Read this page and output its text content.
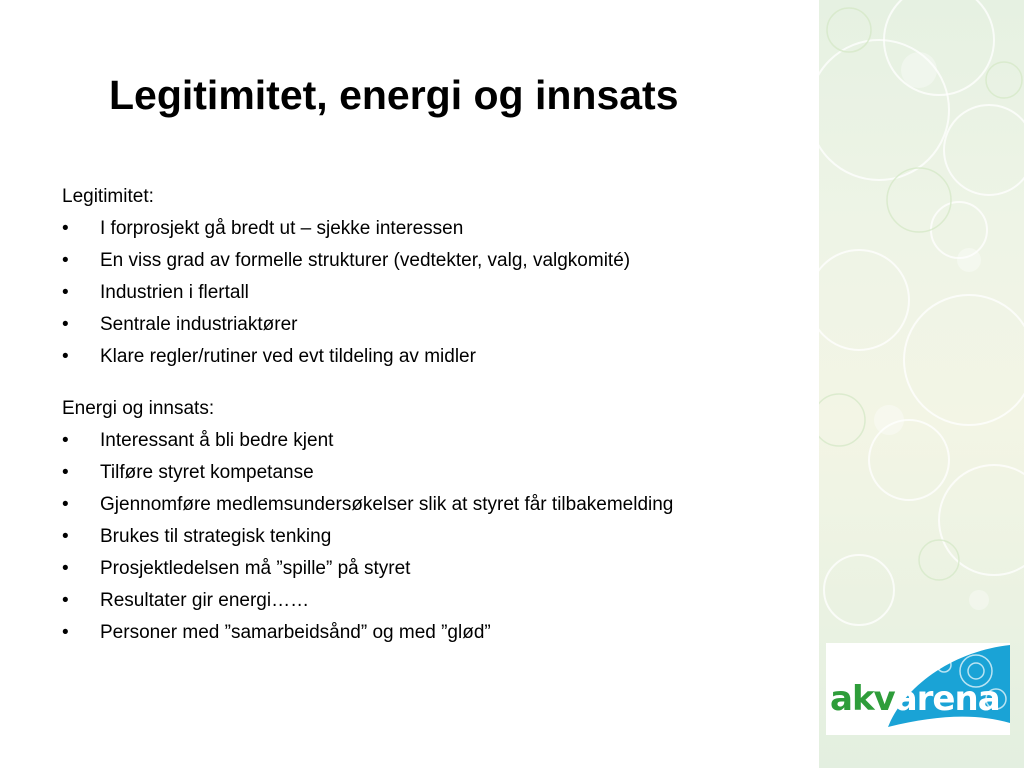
Legitimitet, energi og innsats

Legitimitet:

• I forprosjekt gå bredt ut – sjekke interessen
• En viss grad av formelle strukturer (vedtekter, valg, valgkomité)
• Industrien i flertall
• Sentrale industriaktører
• Klare regler/rutiner ved evt tildeling av midler

Energi og innsats:

• Interessant å bli bedre kjent
• Tilføre styret kompetanse
• Gjennomføre medlemsundersøkelser slik at styret får tilbakemelding
• Brukes til strategisk tenking
• Prosjektledelsen må ”spille” på styret
• Resultater gir energi……
• Personer med ”samarbeidsånd” og med ”glød”
akvarena
